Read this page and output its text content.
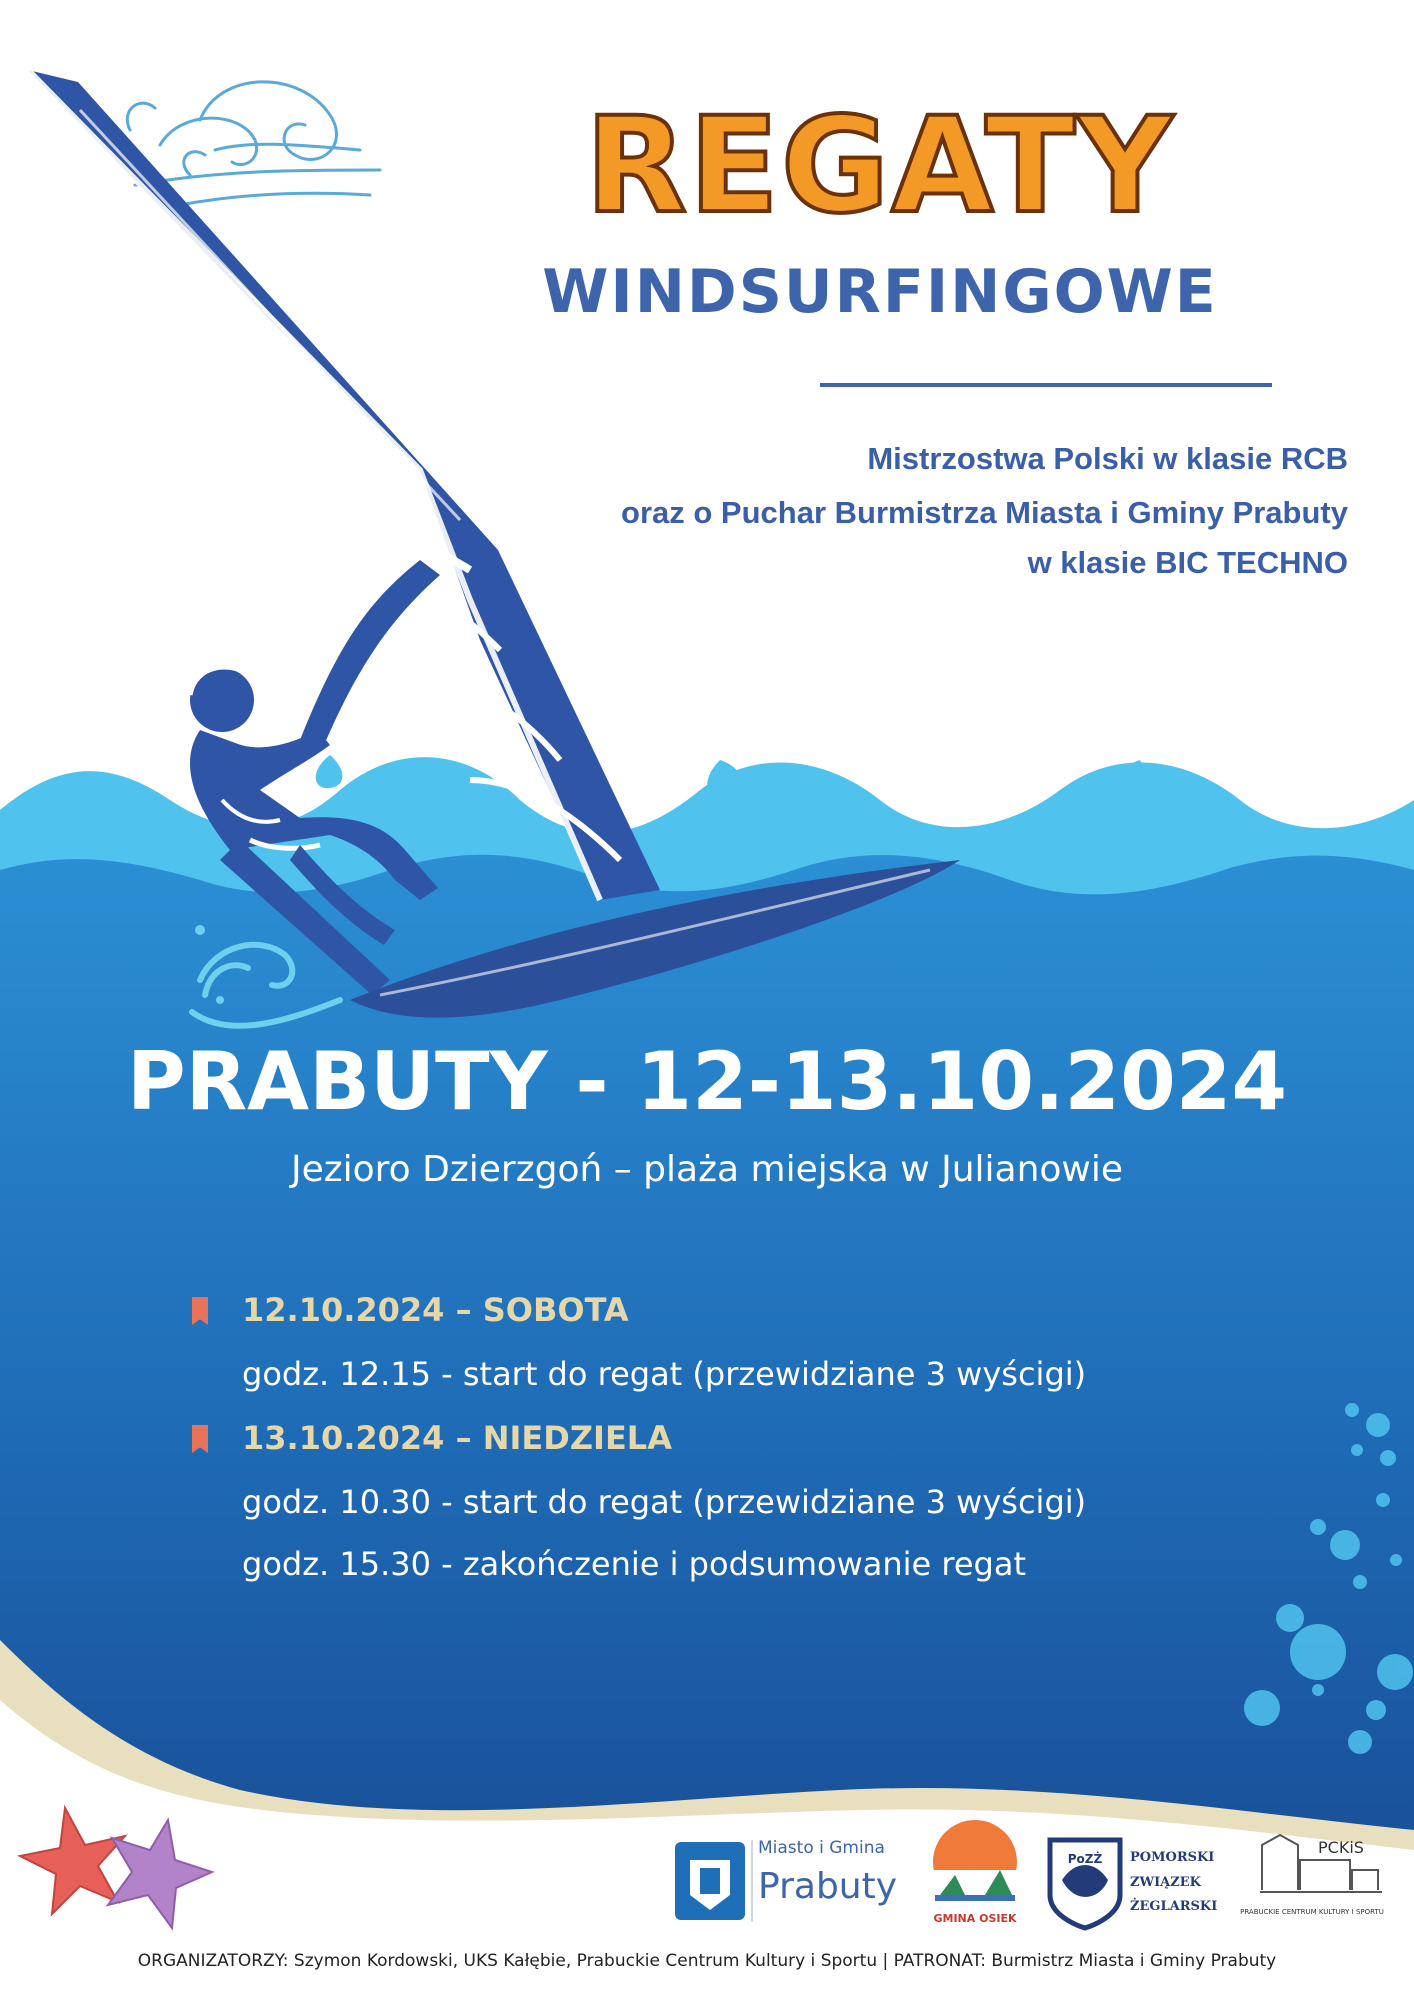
REGATY
WINDSURFINGOWE

Mistrzostwa Polski w klasie RCB

oraz o Puchar Burmistrza Miasta i Gminy Prabuty

w klasie BIC TECHNO

PRABUTY - 12-13.10.2024
Jezioro Dzierzgoń – plaża miejska w Julianowie
12.10.2024 – SOBOTA
godz. 12.15 - start do regat (przewidziane 3 wyścigi)
13.10.2024 – NIEDZIELA
godz. 10.30 - start do regat (przewidziane 3 wyścigi)
godz. 15.30 - zakończenie i podsumowanie regat
Miasto i Gmina
Prabuty
GMINA OSIEK
PoZŻ	POMORSKI
ZWIĄZEK
ŻEGLARSKI
PCKiS
PRABUCKIE CENTRUM KULTURY I SPORTU
ORGANIZATORZY: Szymon Kordowski, UKS Kałębie, Prabuckie Centrum Kultury i Sportu | PATRONAT: Burmistrz Miasta i Gminy Prabuty
